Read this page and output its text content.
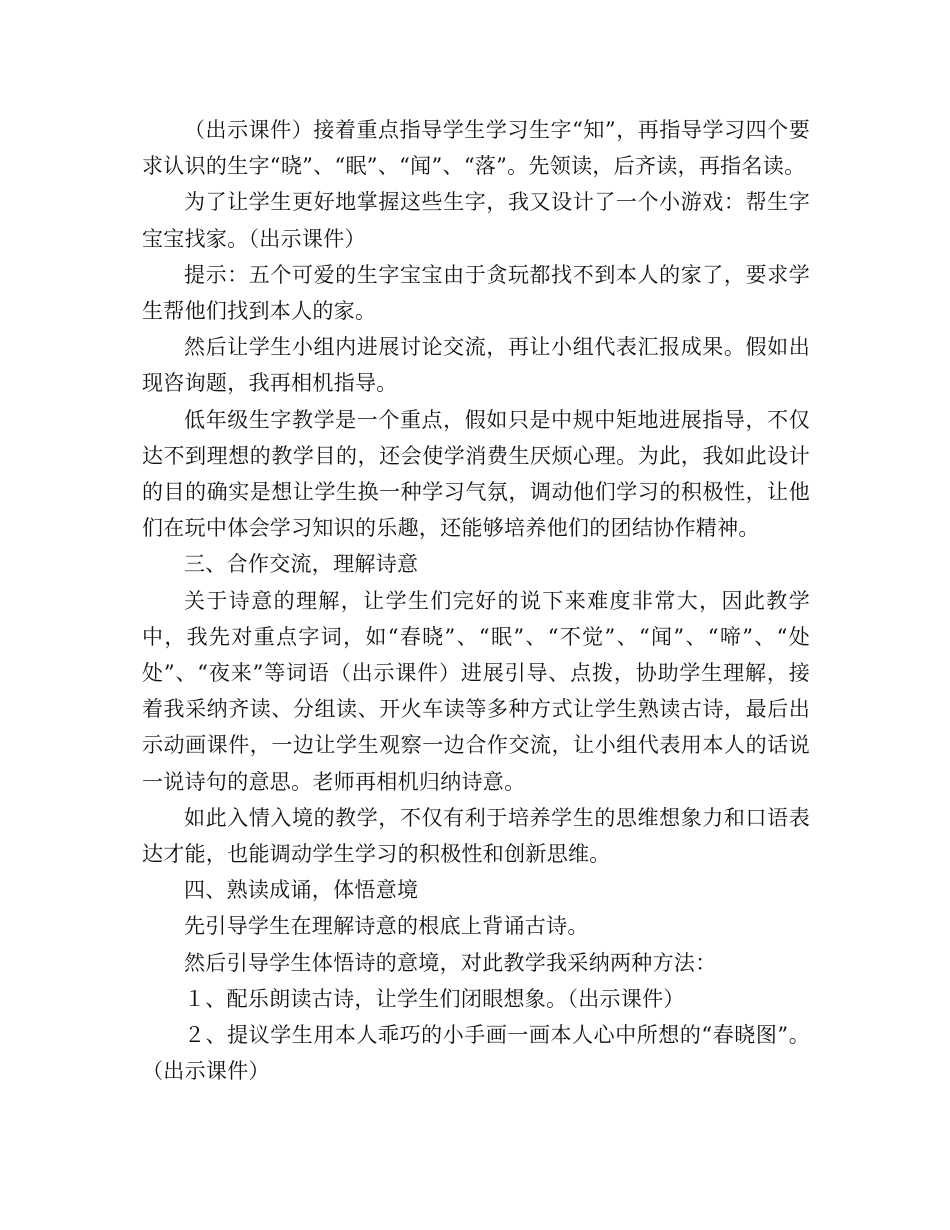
（出示课件）接着重点指导学生学习生字“知”，再指导学习四个要求认识的生字“晓”、“眠”、“闻”、“落”。先领读，后齐读，再指名读。

为了让学生更好地掌握这些生字，我又设计了一个小游戏：帮生字宝宝找家。（出示课件）

提示：五个可爱的生字宝宝由于贪玩都找不到本人的家了，要求学生帮他们找到本人的家。

然后让学生小组内进展讨论交流，再让小组代表汇报成果。假如出现咨询题，我再相机指导。

低年级生字教学是一个重点，假如只是中规中矩地进展指导，不仅达不到理想的教学目的，还会使学消费生厌烦心理。为此，我如此设计的目的确实是想让学生换一种学习气氛，调动他们学习的积极性，让他们在玩中体会学习知识的乐趣，还能够培养他们的团结协作精神。

三、合作交流，理解诗意

关于诗意的理解，让学生们完好的说下来难度非常大，因此教学中，我先对重点字词，如“春晓”、“眠”、“不觉”、“闻”、“啼”、“处处”、“夜来”等词语（出示课件）进展引导、点拨，协助学生理解，接着我采纳齐读、分组读、开火车读等多种方式让学生熟读古诗，最后出示动画课件，一边让学生观察一边合作交流，让小组代表用本人的话说一说诗句的意思。老师再相机归纳诗意。

如此入情入境的教学，不仅有利于培养学生的思维想象力和口语表达才能，也能调动学生学习的积极性和创新思维。

四、熟读成诵，体悟意境

先引导学生在理解诗意的根底上背诵古诗。

然后引导学生体悟诗的意境，对此教学我采纳两种方法：

１、配乐朗读古诗，让学生们闭眼想象。（出示课件）

２、提议学生用本人乖巧的小手画一画本人心中所想的“春晓图”。（出示课件）
